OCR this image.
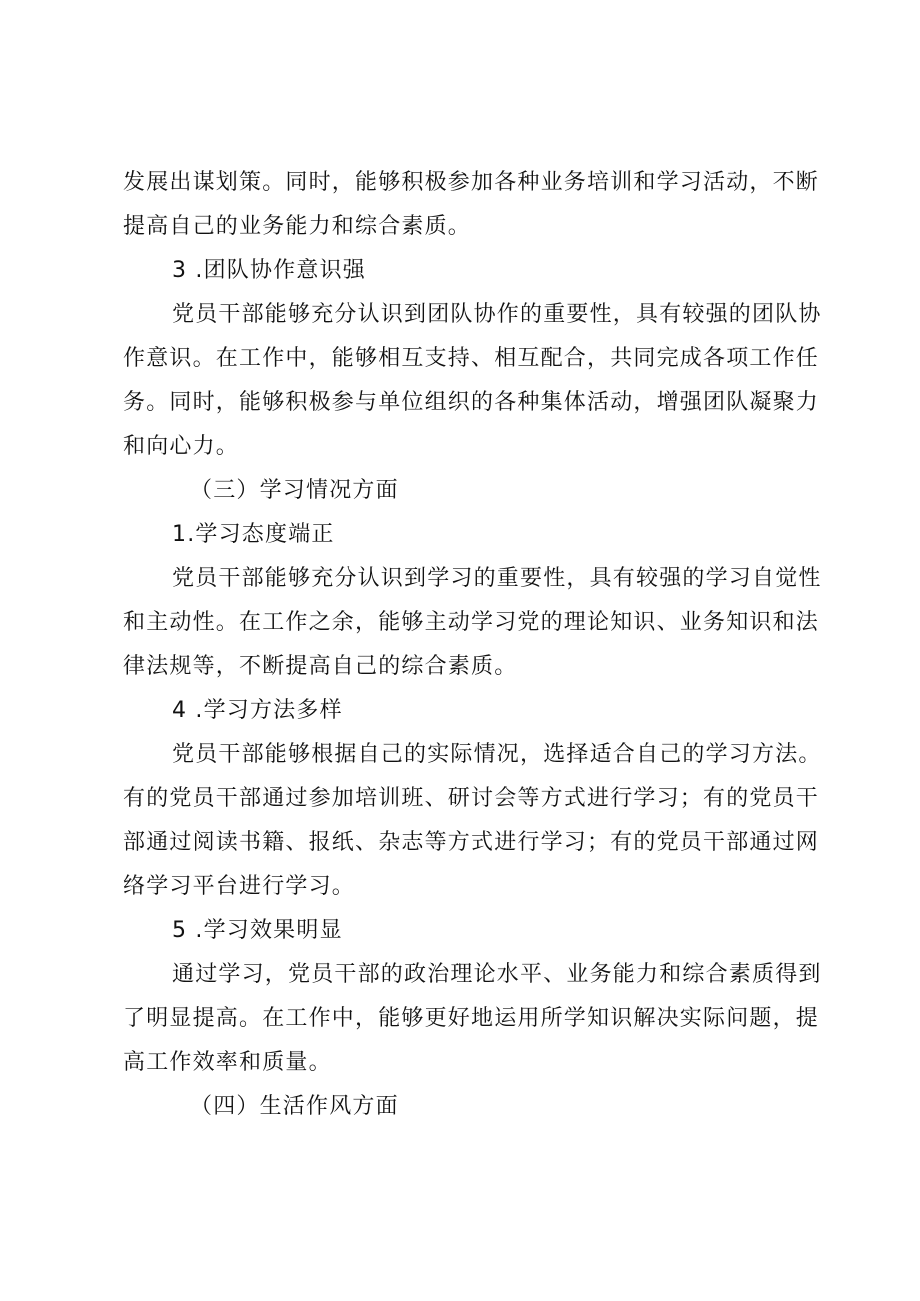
发展出谋划策。同时，能够积极参加各种业务培训和学习活动，不断
提高自己的业务能力和综合素质。
3 .团队协作意识强
党员干部能够充分认识到团队协作的重要性，具有较强的团队协
作意识。在工作中，能够相互支持、相互配合，共同完成各项工作任
务。同时，能够积极参与单位组织的各种集体活动，增强团队凝聚力
和向心力。
（三）学习情况方面
1.学习态度端正
党员干部能够充分认识到学习的重要性，具有较强的学习自觉性
和主动性。在工作之余，能够主动学习党的理论知识、业务知识和法
律法规等，不断提高自己的综合素质。
4 .学习方法多样
党员干部能够根据自己的实际情况，选择适合自己的学习方法。
有的党员干部通过参加培训班、研讨会等方式进行学习；有的党员干
部通过阅读书籍、报纸、杂志等方式进行学习；有的党员干部通过网
络学习平台进行学习。
5 .学习效果明显
通过学习，党员干部的政治理论水平、业务能力和综合素质得到
了明显提高。在工作中，能够更好地运用所学知识解决实际问题，提
高工作效率和质量。
（四）生活作风方面
